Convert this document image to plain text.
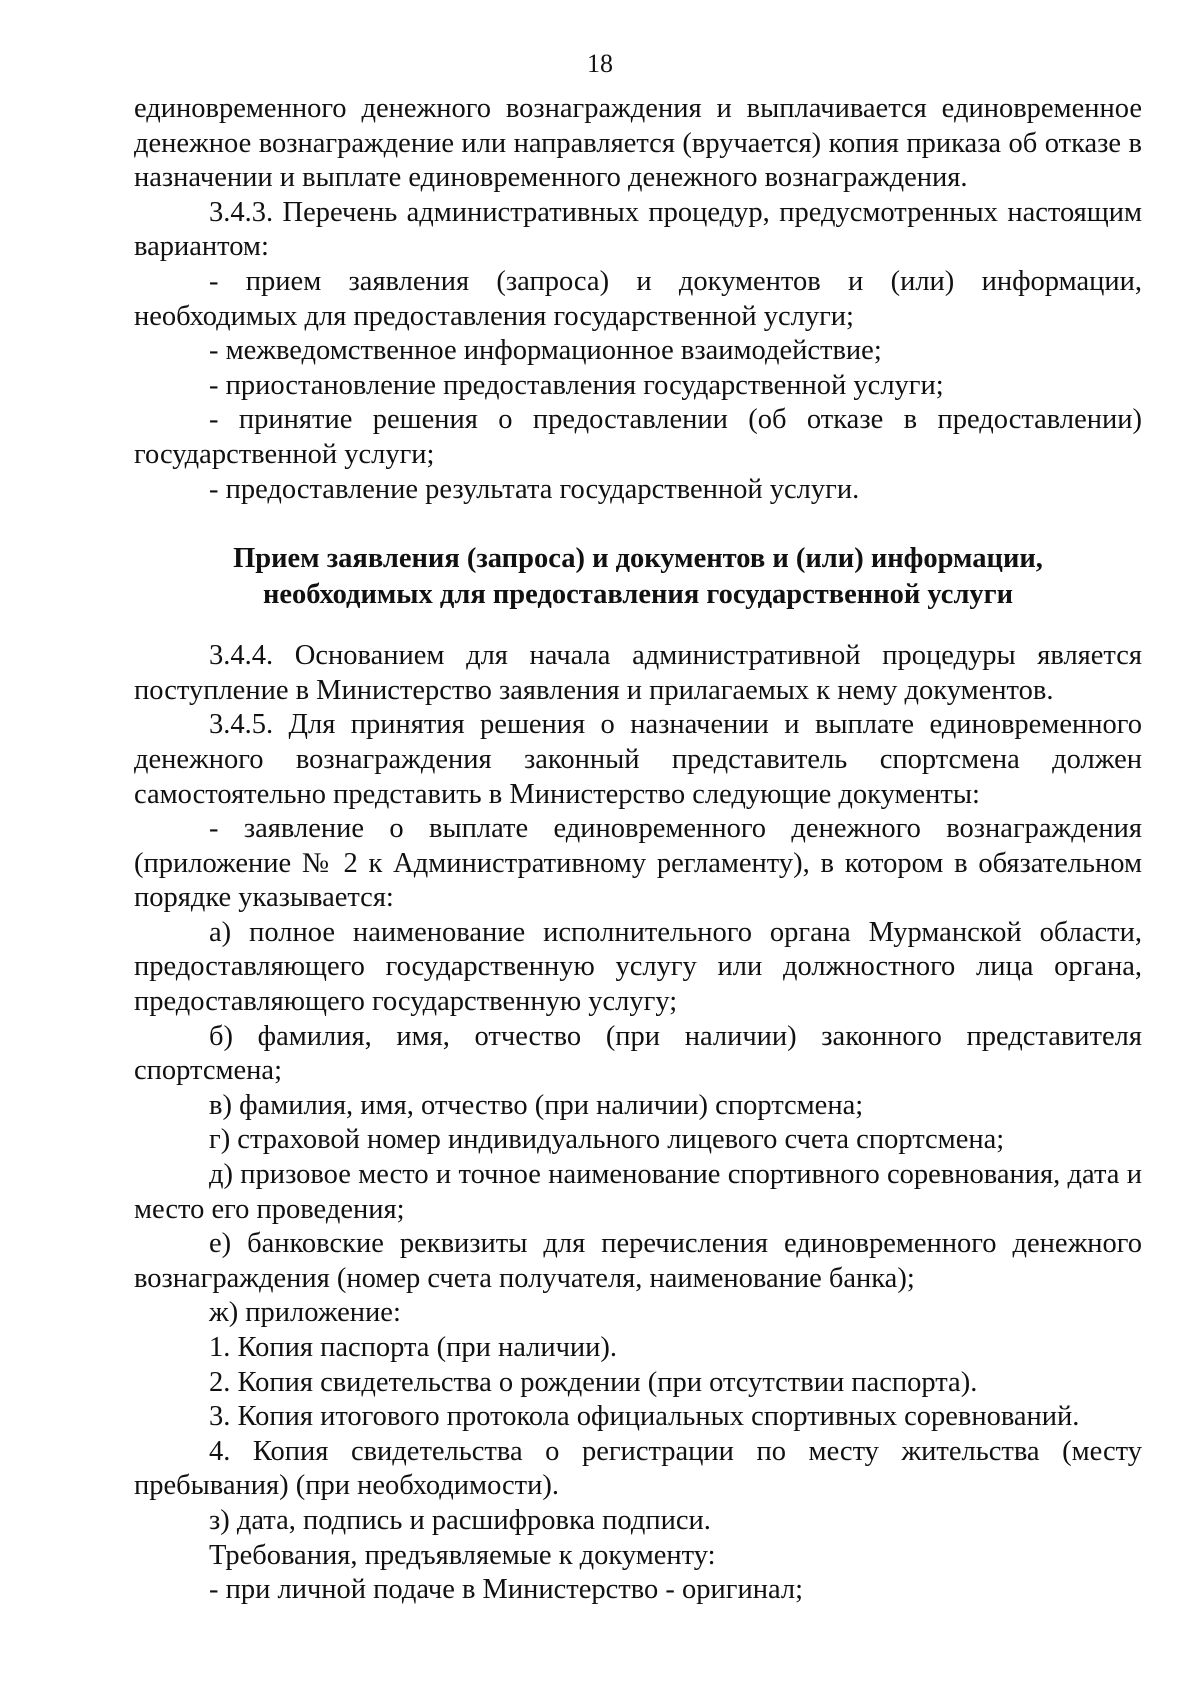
18

единовременного денежного вознаграждения и выплачивается единовременное денежное вознаграждение или направляется (вручается) копия приказа об отказе в назначении и выплате единовременного денежного вознаграждения.

3.4.3. Перечень административных процедур, предусмотренных настоящим вариантом:

- прием заявления (запроса) и документов и (или) информации, необходимых для предоставления государственной услуги;

- межведомственное информационное взаимодействие;

- приостановление предоставления государственной услуги;

- принятие решения о предоставлении (об отказе в предоставлении) государственной услуги;

- предоставление результата государственной услуги.

Прием заявления (запроса) и документов и (или) информации,

необходимых для предоставления государственной услуги

3.4.4. Основанием для начала административной процедуры является поступление в Министерство заявления и прилагаемых к нему документов.

3.4.5. Для принятия решения о назначении и выплате единовременного денежного вознаграждения законный представитель спортсмена должен самостоятельно представить в Министерство следующие документы:

- заявление о выплате единовременного денежного вознаграждения (приложение № 2 к Административному регламенту), в котором в обязательном порядке указывается:

а) полное наименование исполнительного органа Мурманской области, предоставляющего государственную услугу или должностного лица органа, предоставляющего государственную услугу;

б) фамилия, имя, отчество (при наличии) законного представителя спортсмена;

в) фамилия, имя, отчество (при наличии) спортсмена;

г) страховой номер индивидуального лицевого счета спортсмена;

д) призовое место и точное наименование спортивного соревнования, дата и место его проведения;

е) банковские реквизиты для перечисления единовременного денежного вознаграждения (номер счета получателя, наименование банка);

ж) приложение:

1. Копия паспорта (при наличии).

2. Копия свидетельства о рождении (при отсутствии паспорта).

3. Копия итогового протокола официальных спортивных соревнований.

4. Копия свидетельства о регистрации по месту жительства (месту пребывания) (при необходимости).

з) дата, подпись и расшифровка подписи.

Требования, предъявляемые к документу:

- при личной подаче в Министерство - оригинал;
